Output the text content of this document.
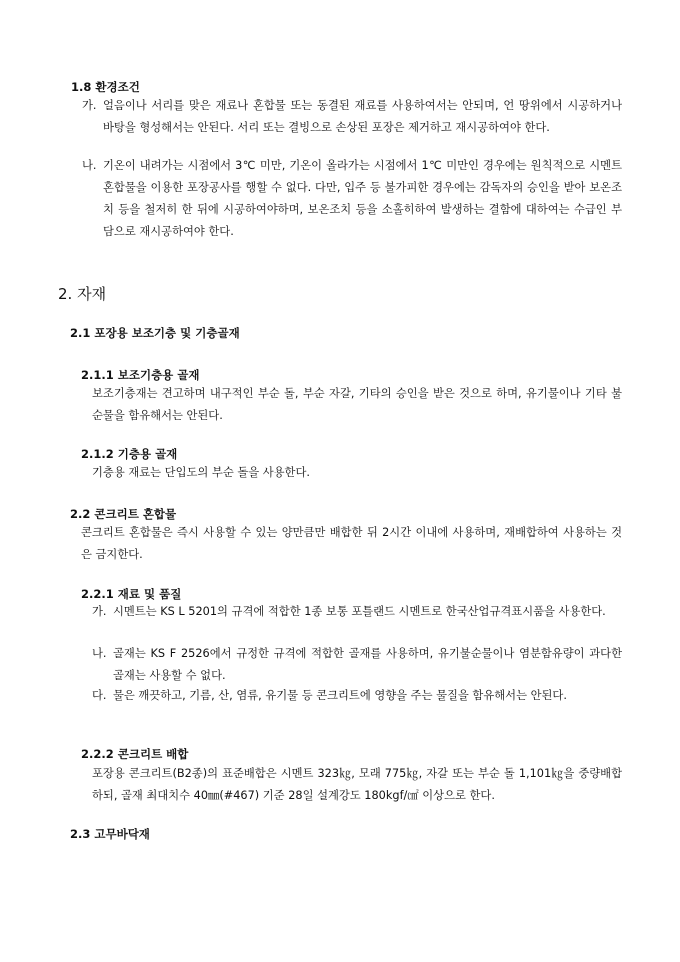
1.8 환경조건
가. 얼음이나 서리를 맞은 재료나 혼합물 또는 동결된 재료를 사용하여서는 안되며, 언 땅위에서 시공하거나 바탕을 형성해서는 안된다. 서리 또는 결빙으로 손상된 포장은 제거하고 재시공하여야 한다.
나. 기온이 내려가는 시점에서 3℃ 미만, 기온이 올라가는 시점에서 1℃ 미만인 경우에는 원칙적으로 시멘트혼합물을 이용한 포장공사를 행할 수 없다. 다만, 입주 등 불가피한 경우에는 감독자의 승인을 받아 보온조치 등을 철저히 한 뒤에 시공하여야하며, 보온조치 등을 소홀히하여 발생하는 결함에 대하여는 수급인 부담으로 재시공하여야 한다.
2. 자재
2.1 포장용 보조기층 및 기층골재
2.1.1 보조기층용 골재

보조기층재는 견고하며 내구적인 부순 돌, 부순 자갈, 기타의 승인을 받은 것으로 하며, 유기물이나 기타 불순물을 함유해서는 안된다.

2.1.2 기층용 골재

기층용 재료는 단입도의 부순 돌을 사용한다.

2.2 콘크리트 혼합물

콘크리트 혼합물은 즉시 사용할 수 있는 양만큼만 배합한 뒤 2시간 이내에 사용하며, 재배합하여 사용하는 것은 금지한다.

2.2.1 재료 및 품질
가. 시멘트는 KS L 5201의 규격에 적합한 1종 보통 포틀랜드 시멘트로 한국산업규격표시품을 사용한다.
나. 골재는 KS F 2526에서 규정한 규격에 적합한 골재를 사용하며, 유기불순물이나 염분함유량이 과다한 골재는 사용할 수 없다.
다. 물은 깨끗하고, 기름, 산, 염류, 유기물 등 콘크리트에 영향을 주는 물질을 함유해서는 안된다.
2.2.2 콘크리트 배합

포장용 콘크리트(B2종)의 표준배합은 시멘트 323㎏, 모래 775㎏, 자갈 또는 부순 돌 1,101㎏을 중량배합하되, 골재 최대치수 40㎜(#467) 기준 28일 설계강도 180kgf/㎠ 이상으로 한다.

2.3 고무바닥재
